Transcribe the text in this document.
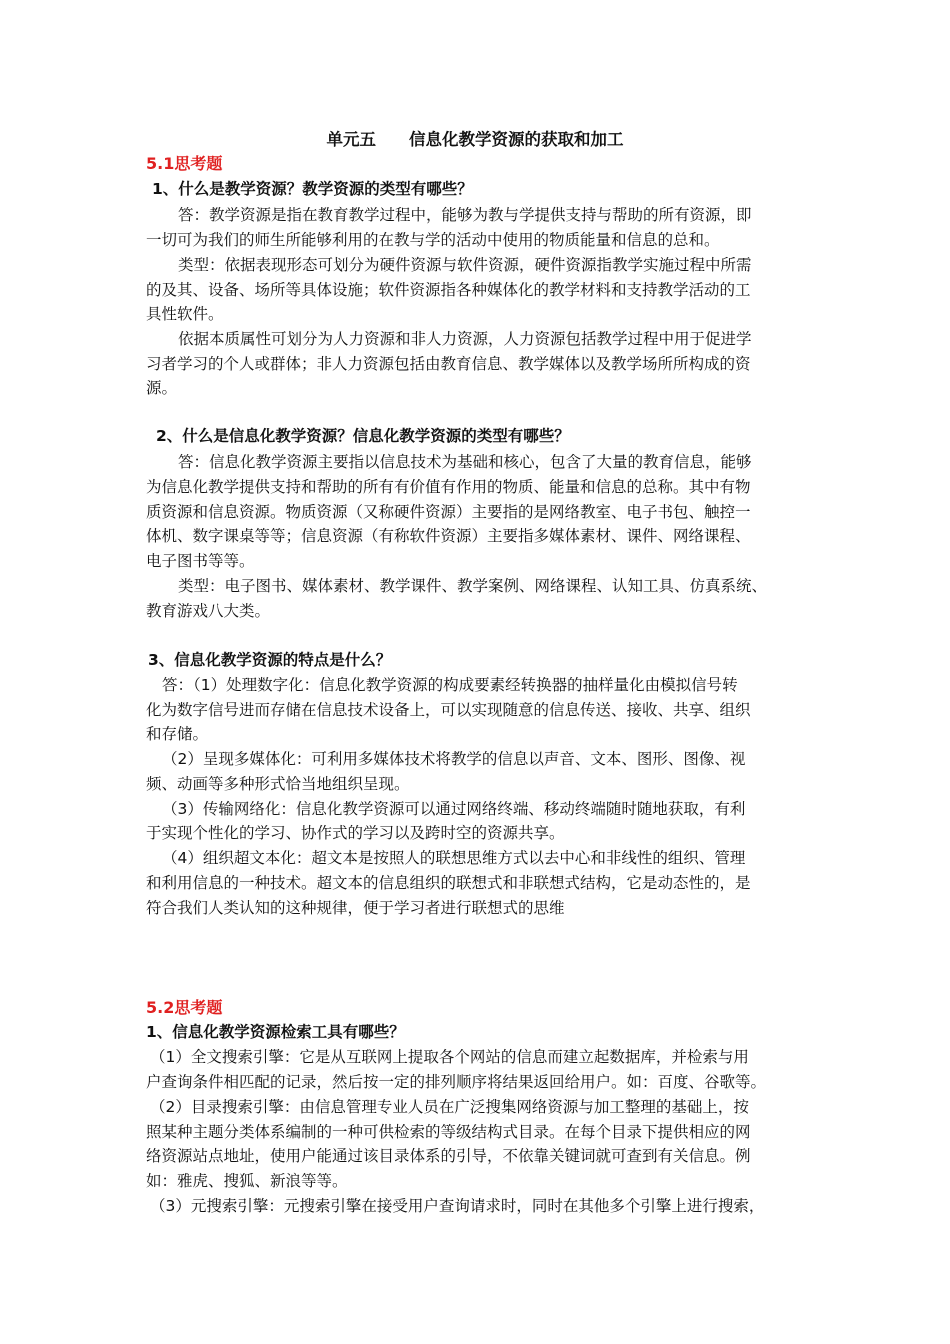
单元五　　信息化教学资源的获取和加工
5.1思考题
1、什么是教学资源？教学资源的类型有哪些？
答：教学资源是指在教育教学过程中，能够为教与学提供支持与帮助的所有资源，即
一切可为我们的师生所能够利用的在教与学的活动中使用的物质能量和信息的总和。
类型：依据表现形态可划分为硬件资源与软件资源，硬件资源指教学实施过程中所需
的及其、设备、场所等具体设施；软件资源指各种媒体化的教学材料和支持教学活动的工
具性软件。
依据本质属性可划分为人力资源和非人力资源，人力资源包括教学过程中用于促进学
习者学习的个人或群体；非人力资源包括由教育信息、教学媒体以及教学场所所构成的资
源。
2、什么是信息化教学资源？信息化教学资源的类型有哪些？
答：信息化教学资源主要指以信息技术为基础和核心，包含了大量的教育信息，能够
为信息化教学提供支持和帮助的所有有价值有作用的物质、能量和信息的总称。其中有物
质资源和信息资源。物质资源（又称硬件资源）主要指的是网络教室、电子书包、触控一
体机、数字课桌等等；信息资源（有称软件资源）主要指多媒体素材、课件、网络课程、
电子图书等等。
类型：电子图书、媒体素材、教学课件、教学案例、网络课程、认知工具、仿真系统、
教育游戏八大类。
3、信息化教学资源的特点是什么？
答：（1）处理数字化：信息化教学资源的构成要素经转换器的抽样量化由模拟信号转
化为数字信号进而存储在信息技术设备上，可以实现随意的信息传送、接收、共享、组织
和存储。
（2）呈现多媒体化：可利用多媒体技术将教学的信息以声音、文本、图形、图像、视
频、动画等多种形式恰当地组织呈现。
（3）传输网络化：信息化教学资源可以通过网络终端、移动终端随时随地获取，有利
于实现个性化的学习、协作式的学习以及跨时空的资源共享。
（4）组织超文本化：超文本是按照人的联想思维方式以去中心和非线性的组织、管理
和利用信息的一种技术。超文本的信息组织的联想式和非联想式结构，它是动态性的，是
符合我们人类认知的这种规律，便于学习者进行联想式的思维
5.2思考题
1、信息化教学资源检索工具有哪些？
（1）全文搜索引擎：它是从互联网上提取各个网站的信息而建立起数据库，并检索与用
户查询条件相匹配的记录，然后按一定的排列顺序将结果返回给用户。如：百度、谷歌等。
（2）目录搜索引擎：由信息管理专业人员在广泛搜集网络资源与加工整理的基础上，按
照某种主题分类体系编制的一种可供检索的等级结构式目录。在每个目录下提供相应的网
络资源站点地址，使用户能通过该目录体系的引导，不依靠关键词就可查到有关信息。例
如：雅虎、搜狐、新浪等等。
（3）元搜索引擎：元搜索引擎在接受用户查询请求时，同时在其他多个引擎上进行搜索，
